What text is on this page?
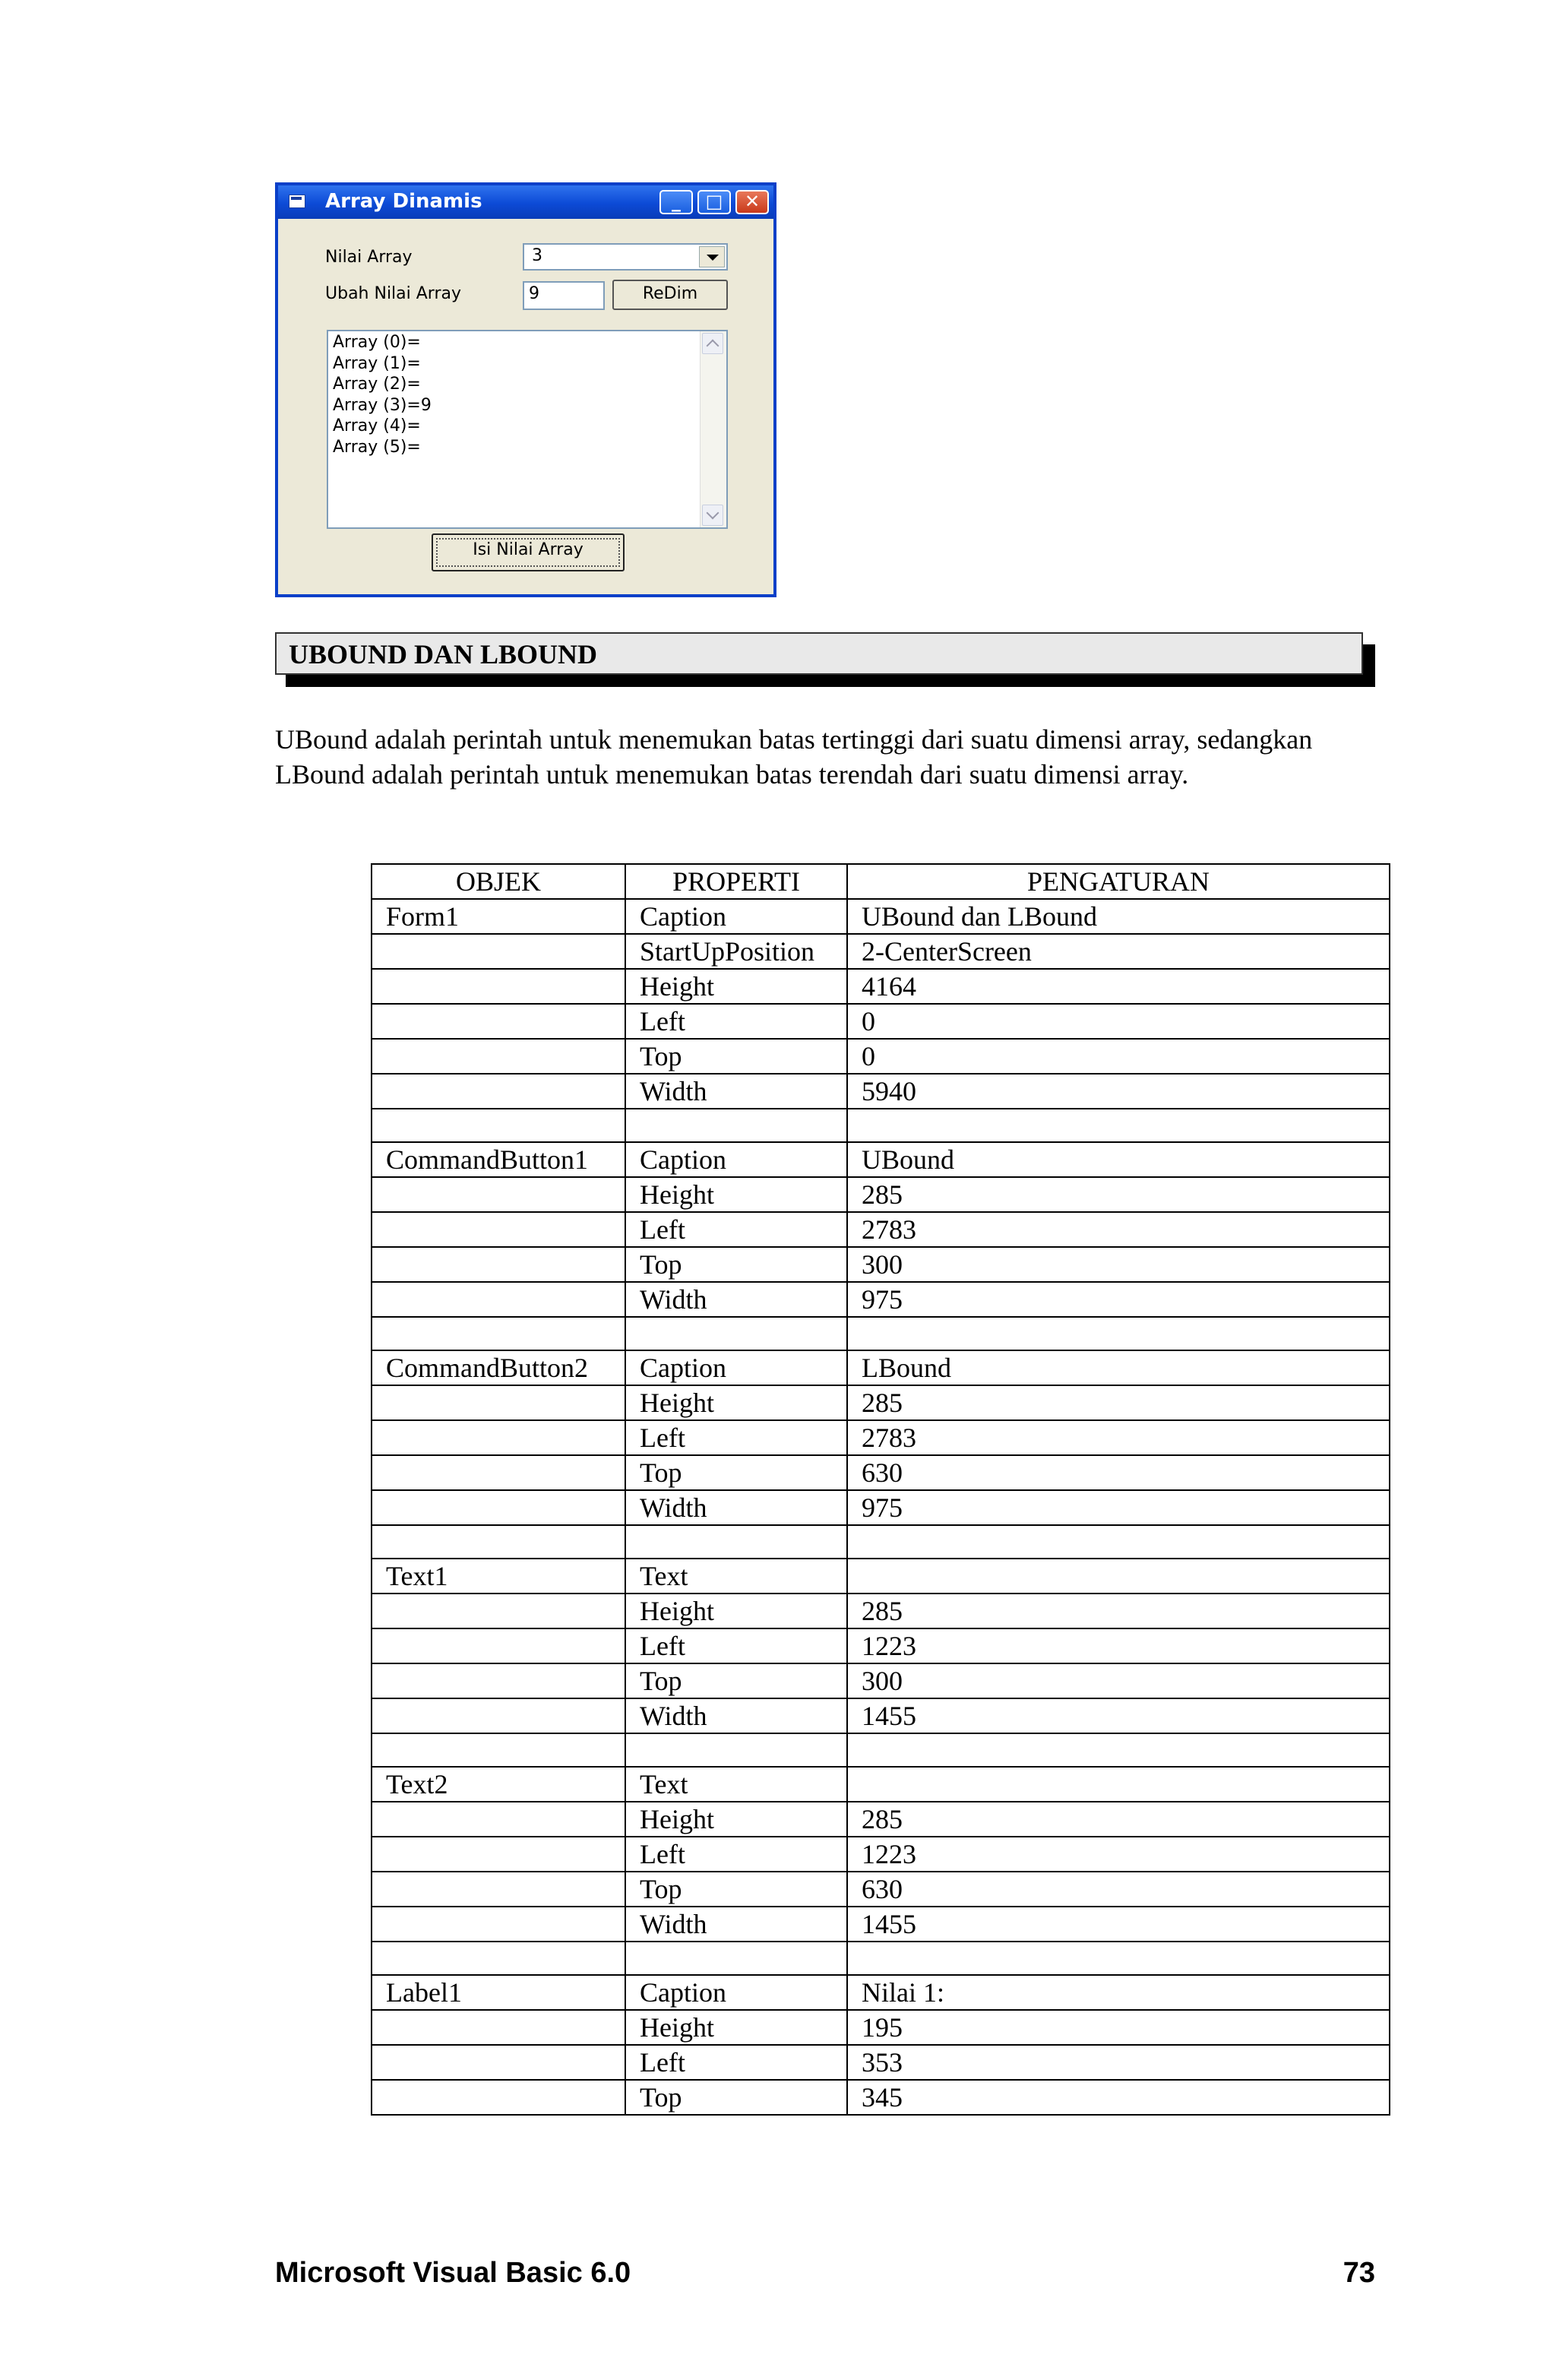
Array Dinamis	_	□	✕
Nilai Array	3
Ubah Nilai Array	9	ReDim
Array (0)=
Array (1)=
Array (2)=
Array (3)=9
Array (4)=
Array (5)=
Isi Nilai Array
UBOUND DAN LBOUND
UBound adalah perintah untuk menemukan batas tertinggi dari suatu dimensi array, sedangkan LBound adalah perintah untuk menemukan batas terendah dari suatu dimensi array.
OBJEK	PROPERTI	PENGATURAN
Form1	Caption	UBound dan LBound
	StartUpPosition	2-CenterScreen
	Height	4164
	Left	0
	Top	0
	Width	5940

CommandButton1	Caption	UBound
	Height	285
	Left	2783
	Top	300
	Width	975

CommandButton2	Caption	LBound
	Height	285
	Left	2783
	Top	630
	Width	975

Text1	Text	
	Height	285
	Left	1223
	Top	300
	Width	1455

Text2	Text	
	Height	285
	Left	1223
	Top	630
	Width	1455

Label1	Caption	Nilai 1:
	Height	195
	Left	353
	Top	345
Microsoft Visual Basic 6.0	73
